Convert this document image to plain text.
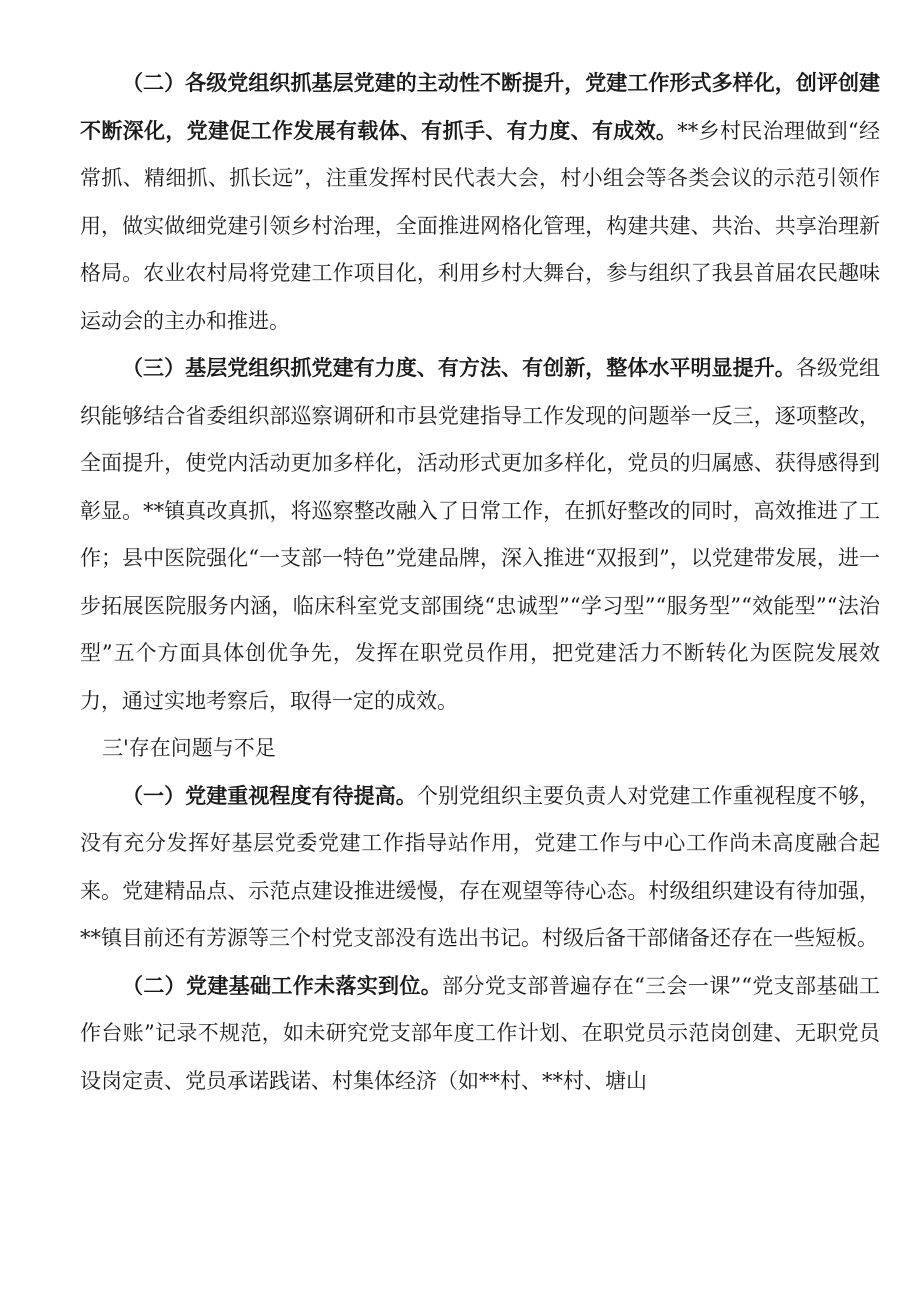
（二）各级党组织抓基层党建的主动性不断提升，党建工作形式多样化，创评创建不断深化，党建促工作发展有载体、有抓手、有力度、有成效。**乡村民治理做到“经常抓、精细抓、抓长远”，注重发挥村民代表大会，村小组会等各类会议的示范引领作用，做实做细党建引领乡村治理，全面推进网格化管理，构建共建、共治、共享治理新格局。农业农村局将党建工作项目化，利用乡村大舞台，参与组织了我县首届农民趣味运动会的主办和推进。

（三）基层党组织抓党建有力度、有方法、有创新，整体水平明显提升。各级党组织能够结合省委组织部巡察调研和市县党建指导工作发现的问题举一反三，逐项整改，全面提升，使党内活动更加多样化，活动形式更加多样化，党员的归属感、获得感得到彰显。**镇真改真抓，将巡察整改融入了日常工作，在抓好整改的同时，高效推进了工作；县中医院强化“一支部一特色”党建品牌，深入推进“双报到”，以党建带发展，进一步拓展医院服务内涵，临床科室党支部围绕“忠诚型”“学习型”“服务型”“效能型”“法治型”五个方面具体创优争先，发挥在职党员作用，把党建活力不断转化为医院发展效力，通过实地考察后，取得一定的成效。

三'存在问题与不足

（一）党建重视程度有待提高。个别党组织主要负责人对党建工作重视程度不够，没有充分发挥好基层党委党建工作指导站作用，党建工作与中心工作尚未高度融合起来。党建精品点、示范点建设推进缓慢，存在观望等待心态。村级组织建设有待加强，**镇目前还有芳源等三个村党支部没有选出书记。村级后备干部储备还存在一些短板。

（二）党建基础工作未落实到位。部分党支部普遍存在“三会一课”“党支部基础工作台账”记录不规范，如未研究党支部年度工作计划、在职党员示范岗创建、无职党员设岗定责、党员承诺践诺、村集体经济（如**村、**村、塘山
